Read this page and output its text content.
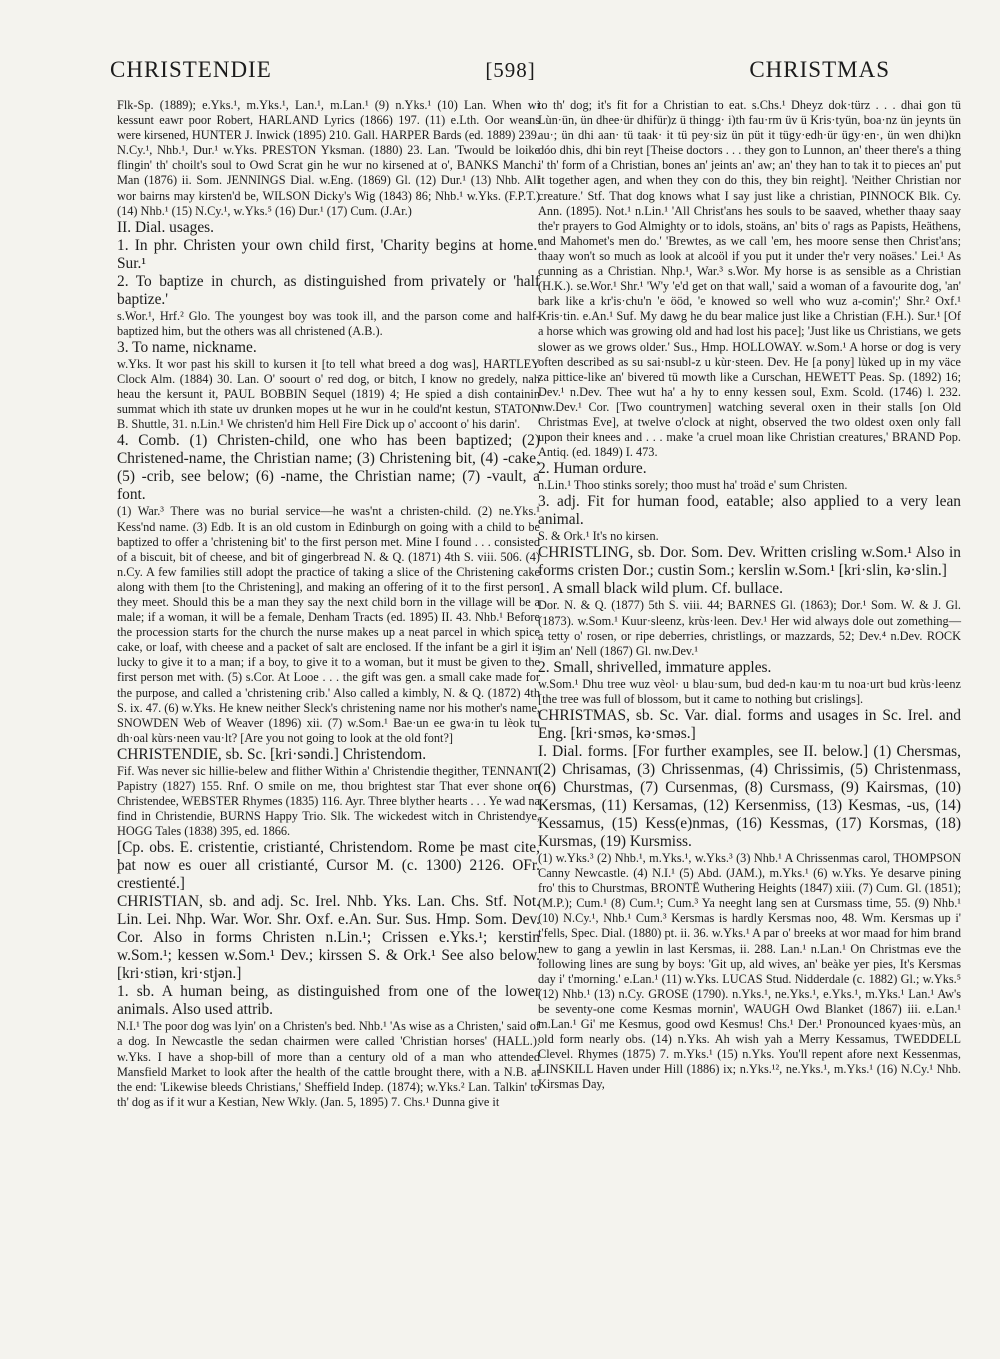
CHRISTENDIE	[598]	CHRISTMAS

Flk-Sp. (1889); e.Yks.¹, m.Yks.¹, Lan.¹, m.Lan.¹ (9) n.Yks.¹ (10) Lan. When wi kessunt eawr poor Robert, HARLAND Lyrics (1866) 197. (11) e.Lth. Oor weans were kirsened, HUNTER J. Inwick (1895) 210. Gall. HARPER Bards (ed. 1889) 239. N.Cy.¹, Nhb.¹, Dur.¹ w.Yks. PRESTON Yksman. (1880) 23. Lan. 'Twould be loike flingin' th' choilt's soul to Owd Scrat gin he wur no kirsened at o', BANKS Manch. Man (1876) ii. Som. JENNINGS Dial. w.Eng. (1869) Gl. (12) Dur.¹ (13) Nhb. All wor bairns may kirsten'd be, WILSON Dicky's Wig (1843) 86; Nhb.¹ w.Yks. (F.P.T.) (14) Nhb.¹ (15) N.Cy.¹, w.Yks.⁵ (16) Dur.¹ (17) Cum. (J.Ar.)

II. Dial. usages.

1. In phr. Christen your own child first, 'Charity begins at home.' Sur.¹

2. To baptize in church, as distinguished from privately or 'half baptize.'

s.Wor.¹, Hrf.² Glo. The youngest boy was took ill, and the parson come and half-baptized him, but the others was all christened (A.B.).

3. To name, nickname.

w.Yks. It wor past his skill to kursen it [to tell what breed a dog was], HARTLEY Clock Alm. (1884) 30. Lan. O' soourt o' red dog, or bitch, I know no gredely, nah heau the kersunt it, PAUL BOBBIN Sequel (1819) 4; He spied a dish containin summat which ith state uv drunken mopes ut he wur in he could'nt kestun, STATON B. Shuttle, 31. n.Lin.¹ We christen'd him Hell Fire Dick up o' accoont o' his darin'.

4. Comb. (1) Christen-child, one who has been baptized; (2) Christened-name, the Christian name; (3) Christening bit, (4) -cake, (5) -crib, see below; (6) -name, the Christian name; (7) -vault, a font.

(1) War.³ There was no burial service—he was'nt a christen-child. (2) ne.Yks.¹ Kess'nd name. (3) Edb. It is an old custom in Edinburgh on going with a child to be baptized to offer a 'christening bit' to the first person met. Mine I found . . . consisted of a biscuit, bit of cheese, and bit of gingerbread N. & Q. (1871) 4th S. viii. 506. (4) n.Cy. A few families still adopt the practice of taking a slice of the Christening cake along with them [to the Christening], and making an offering of it to the first person they meet. Should this be a man they say the next child born in the village will be a male; if a woman, it will be a female, Denham Tracts (ed. 1895) II. 43. Nhb.¹ Before the procession starts for the church the nurse makes up a neat parcel in which spice cake, or loaf, with cheese and a packet of salt are enclosed. If the infant be a girl it is lucky to give it to a man; if a boy, to give it to a woman, but it must be given to the first person met with. (5) s.Cor. At Looe . . . the gift was gen. a small cake made for the purpose, and called a 'christening crib.' Also called a kimbly, N. & Q. (1872) 4th S. ix. 47. (6) w.Yks. He knew neither Sleck's christening name nor his mother's name, SNOWDEN Web of Weaver (1896) xii. (7) w.Som.¹ Bae·un ee gwa·in tu lèok tu dh·oal kùrs·neen vau·lt? [Are you not going to look at the old font?]

CHRISTENDIE, sb. Sc. [kri·səndi.] Christendom.

Fif. Was never sic hillie-belew and flither Within a' Christendie thegither, TENNANT Papistry (1827) 155. Rnf. O smile on me, thou brightest star That ever shone on Christendee, WEBSTER Rhymes (1835) 116. Ayr. Three blyther hearts . . . Ye wad na find in Christendie, BURNS Happy Trio. Slk. The wickedest witch in Christendye, HOGG Tales (1838) 395, ed. 1866.

[Cp. obs. E. cristentie, cristianté, Christendom. Rome þe mast cite, þat now es ouer all cristianté, Cursor M. (c. 1300) 2126. OFr. crestienté.]

CHRISTIAN, sb. and adj. Sc. Irel. Nhb. Yks. Lan. Chs. Stf. Not. Lin. Lei. Nhp. War. Wor. Shr. Oxf. e.An. Sur. Sus. Hmp. Som. Dev. Cor. Also in forms Christen n.Lin.¹; Crissen e.Yks.¹; kerstin w.Som.¹; kessen w.Som.¹ Dev.; kirssen S. & Ork.¹ See also below. [kri·stiən, kri·stjən.]

1. sb. A human being, as distinguished from one of the lower animals. Also used attrib.

N.I.¹ The poor dog was lyin' on a Christen's bed. Nhb.¹ 'As wise as a Christen,' said of a dog. In Newcastle the sedan chairmen were called 'Christian horses' (HALL.). w.Yks. I have a shop-bill of more than a century old of a man who attended Mansfield Market to look after the health of the cattle brought there, with a N.B. at the end: 'Likewise bleeds Christians,' Sheffield Indep. (1874); w.Yks.² Lan. Talkin' to th' dog as if it wur a Kestian, New Wkly. (Jan. 5, 1895) 7. Chs.¹ Dunna give it

to th' dog; it's fit for a Christian to eat. s.Chs.¹ Dheyz dok·türz . . . dhai gon tü Lùn·ün, ün dhee·ür dhifür)z ü thingg· i)th fau·rm üv ü Kris·tyün, boa·nz ün jeynts ün au·; ün dhi aan· tü taak· it tü pey·siz ün püt it tügy·edh·ür ügy·en·, ün wen dhi)kn dóo dhis, dhi bin reyt [Theise doctors . . . they gon to Lunnon, an' theer there's a thing i' th' form of a Christian, bones an' jeints an' aw; an' they han to tak it to pieces an' put it together agen, and when they con do this, they bin reight]. 'Neither Christian nor creature.' Stf. That dog knows what I say just like a christian, PINNOCK Blk. Cy. Ann. (1895). Not.¹ n.Lin.¹ 'All Christ'ans hes souls to be saaved, whether thaay saay the'r prayers to God Almighty or to idols, stoäns, an' bits o' rags as Papists, Heäthens, and Mahomet's men do.' 'Brewtes, as we call 'em, hes moore sense then Christ'ans; thaay won't so much as look at alcoöl if you put it under the'r very noäses.' Lei.¹ As cunning as a Christian. Nhp.¹, War.³ s.Wor. My horse is as sensible as a Christian (H.K.). se.Wor.¹ Shr.¹ 'W'y 'e'd get on that wall,' said a woman of a favourite dog, 'an' bark like a kr'is·chu'n 'e ööd, 'e knowed so well who wuz a-comin';' Shr.² Oxf.¹ Kris·tin. e.An.¹ Suf. My dawg he du bear malice just like a Christian (F.H.). Sur.¹ [Of a horse which was growing old and had lost his pace]; 'Just like us Christians, we gets slower as we grows older.' Sus., Hmp. HOLLOWAY. w.Som.¹ A horse or dog is very often described as su sai·nsubl-z u kùr·steen. Dev. He [a pony] lùked up in my väce za pittice-like an' bivered tü mowth like a Curschan, HEWETT Peas. Sp. (1892) 16; Dev.¹ n.Dev. Thee wut ha' a hy to enny kessen soul, Exm. Scold. (1746) l. 232. nw.Dev.¹ Cor. [Two countrymen] watching several oxen in their stalls [on Old Christmas Eve], at twelve o'clock at night, observed the two oldest oxen only fall upon their knees and . . . make 'a cruel moan like Christian creatures,' BRAND Pop. Antiq. (ed. 1849) I. 473.

2. Human ordure.

n.Lin.¹ Thoo stinks sorely; thoo must ha' troäd e' sum Christen.

3. adj. Fit for human food, eatable; also applied to a very lean animal.

S. & Ork.¹ It's no kirsen.

CHRISTLING, sb. Dor. Som. Dev. Written crisling w.Som.¹ Also in forms cristen Dor.; custin Som.; kerslin w.Som.¹ [kri·slin, kə·slin.]

1. A small black wild plum. Cf. bullace.

Dor. N. & Q. (1877) 5th S. viii. 44; BARNES Gl. (1863); Dor.¹ Som. W. & J. Gl. (1873). w.Som.¹ Kuur·sleenz, krùs·leen. Dev.¹ Her wid always dole out zomething—a tetty o' rosen, or ripe deberries, christlings, or mazzards, 52; Dev.⁴ n.Dev. ROCK Jim an' Nell (1867) Gl. nw.Dev.¹

2. Small, shrivelled, immature apples.

w.Som.¹ Dhu tree wuz vèol· u blau·sum, bud ded-n kau·m tu noa·urt bud krùs·leenz [the tree was full of blossom, but it came to nothing but crislings].

CHRISTMAS, sb. Sc. Var. dial. forms and usages in Sc. Irel. and Eng. [kri·sməs, kə·sməs.]

I. Dial. forms. [For further examples, see II. below.] (1) Chersmas, (2) Chrisamas, (3) Chrissenmas, (4) Chrissimis, (5) Christenmass, (6) Churstmas, (7) Cursenmas, (8) Cursmass, (9) Kairsmas, (10) Kersmas, (11) Kersamas, (12) Kersenmiss, (13) Kesmas, -us, (14) Kessamus, (15) Kess(e)nmas, (16) Kessmas, (17) Korsmas, (18) Kursmas, (19) Kursmiss.

(1) w.Yks.³ (2) Nhb.¹, m.Yks.¹, w.Yks.³ (3) Nhb.¹ A Chrissenmas carol, THOMPSON Canny Newcastle. (4) N.I.¹ (5) Abd. (JAM.), m.Yks.¹ (6) w.Yks. Ye desarve pining fro' this to Churstmas, BRONTË Wuthering Heights (1847) xiii. (7) Cum. Gl. (1851); (M.P.); Cum.¹ (8) Cum.¹; Cum.³ Ya neeght lang sen at Cursmass time, 55. (9) Nhb.¹ (10) N.Cy.¹, Nhb.¹ Cum.³ Kersmas is hardly Kersmas noo, 48. Wm. Kersmas up i' t'fells, Spec. Dial. (1880) pt. ii. 36. w.Yks.¹ A par o' breeks at wor maad for him brand new to gang a yewlin in last Kersmas, ii. 288. Lan.¹ n.Lan.¹ On Christmas eve the following lines are sung by boys: 'Git up, ald wives, an' beàke yer pies, It's Kersmas day i' t'morning.' e.Lan.¹ (11) w.Yks. LUCAS Stud. Nidderdale (c. 1882) Gl.; w.Yks.⁵ (12) Nhb.¹ (13) n.Cy. GROSE (1790). n.Yks.¹, ne.Yks.¹, e.Yks.¹, m.Yks.¹ Lan.¹ Aw's be seventy-one come Kesmas mornin', WAUGH Owd Blanket (1867) iii. e.Lan.¹ m.Lan.¹ Gi' me Kesmus, good owd Kesmus! Chs.¹ Der.¹ Pronounced kyaes·mùs, an old form nearly obs. (14) n.Yks. Ah wish yah a Merry Kessamus, TWEDDELL Clevel. Rhymes (1875) 7. m.Yks.¹ (15) n.Yks. You'll repent afore next Kessenmas, LINSKILL Haven under Hill (1886) ix; n.Yks.¹², ne.Yks.¹, m.Yks.¹ (16) N.Cy.¹ Nhb. Kirsmas Day,
